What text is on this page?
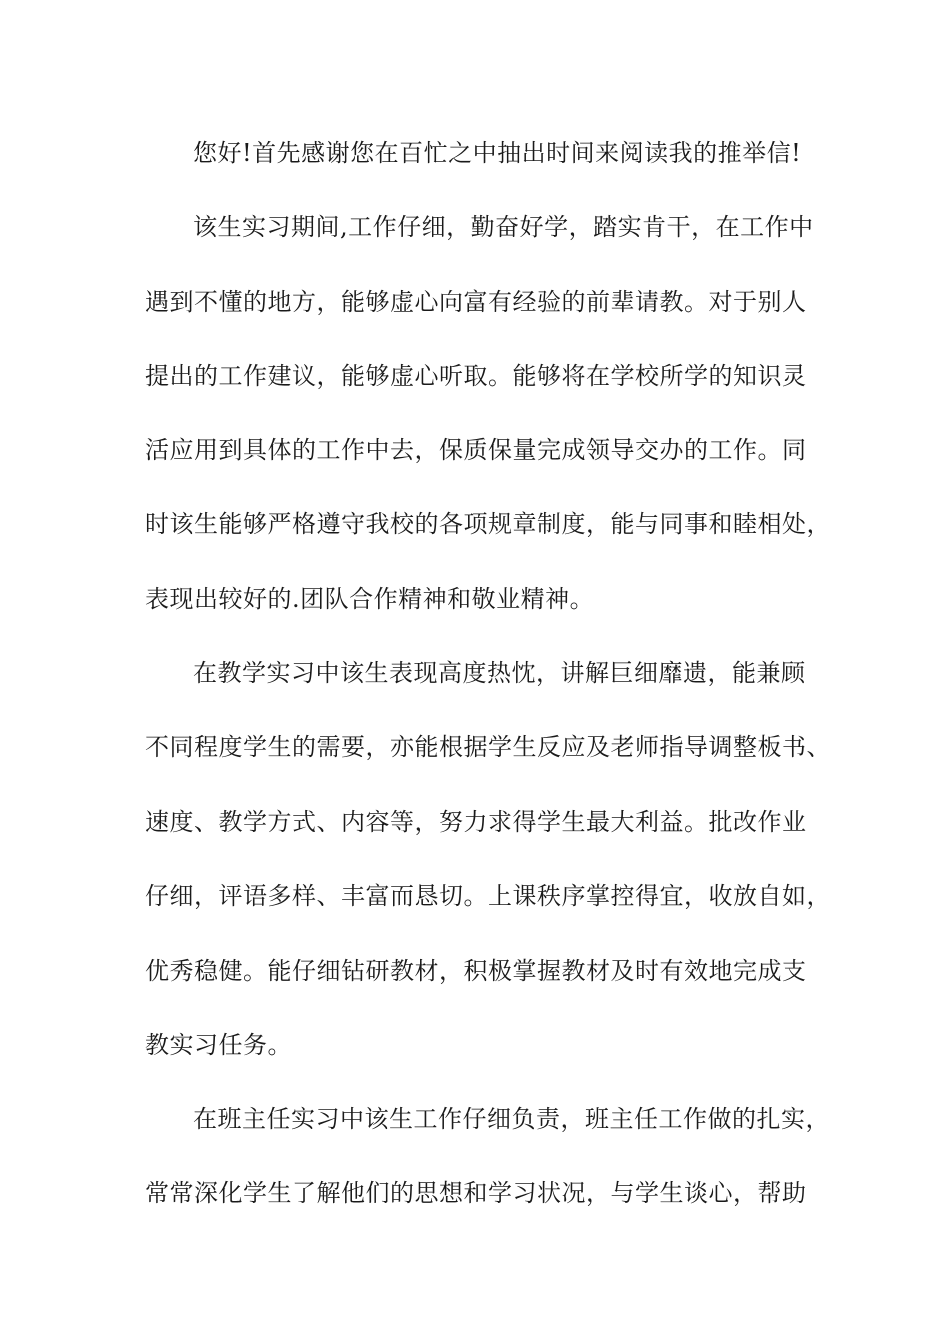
您好!首先感谢您在百忙之中抽出时间来阅读我的推举信!

该生实习期间,工作仔细，勤奋好学，踏实肯干，在工作中

遇到不懂的地方，能够虚心向富有经验的前辈请教。对于别人

提出的工作建议，能够虚心听取。能够将在学校所学的知识灵

活应用到具体的工作中去，保质保量完成领导交办的工作。同

时该生能够严格遵守我校的各项规章制度，能与同事和睦相处，

表现出较好的.团队合作精神和敬业精神。

在教学实习中该生表现高度热忱，讲解巨细靡遗，能兼顾

不同程度学生的需要，亦能根据学生反应及老师指导调整板书、

速度、教学方式、内容等，努力求得学生最大利益。批改作业

仔细，评语多样、丰富而恳切。上课秩序掌控得宜，收放自如，

优秀稳健。能仔细钻研教材，积极掌握教材及时有效地完成支

教实习任务。

在班主任实习中该生工作仔细负责，班主任工作做的扎实，

常常深化学生了解他们的思想和学习状况，与学生谈心，帮助
